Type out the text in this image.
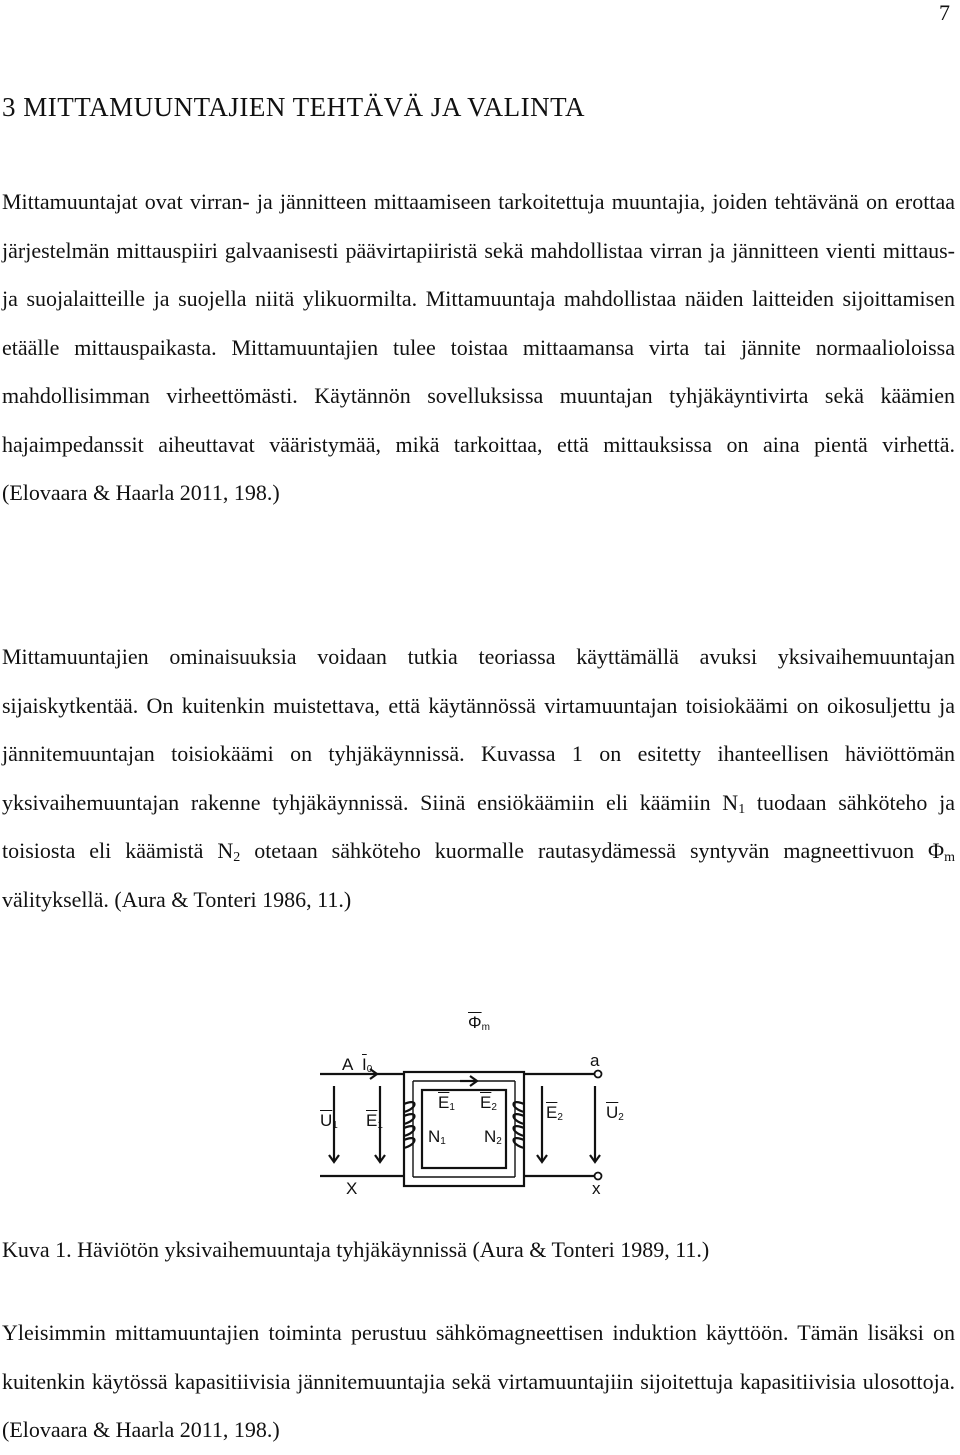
7
3 MITTAMUUNTAJIEN TEHTÄVÄ JA VALINTA

Mittamuuntajat ovat virran- ja jännitteen mittaamiseen tarkoitettuja muuntajia, joiden tehtävänä on erottaa järjestelmän mittauspiiri galvaanisesti päävirtapiiristä sekä mahdollistaa virran ja jännitteen vienti mittaus- ja suojalaitteille ja suojella niitä ylikuormilta. Mittamuuntaja mahdollistaa näiden laitteiden sijoittamisen etäälle mittauspaikasta. Mittamuuntajien tulee toistaa mittaamansa virta tai jännite normaalioloissa mahdollisimman virheettömästi. Käytännön sovelluksissa muuntajan tyhjäkäyntivirta sekä käämien hajaimpedanssit aiheuttavat vääristymää, mikä tarkoittaa, että mittauksissa on aina pientä virhettä. (Elovaara & Haarla 2011, 198.)

Mittamuuntajien ominaisuuksia voidaan tutkia teoriassa käyttämällä avuksi yksivaihemuuntajan sijaiskytkentää. On kuitenkin muistettava, että käytännössä virtamuuntajan toisiokäämi on oikosuljettu ja jännitemuuntajan toisiokäämi on tyhjäkäynnissä. Kuvassa 1 on esitetty ihanteellisen häviöttömän yksivaihemuuntajan rakenne tyhjäkäynnissä. Siinä ensiökäämiin eli käämiin $N_1$ tuodaan sähköteho ja toisiosta eli käämistä $N_2$ otetaan sähköteho kuormalle rautasydämessä syntyvän magneettivuon $\Phi_m$ välityksellä. (Aura & Tonteri 1986, 11.)

$\overline{\Phi}_m$
A $\overline{I}_0$	a
$\overline{U}_1$ $\overline{E}_1$
$\overline{E}_1$ $\overline{E}_2$
$N_1$ $N_2$
$\overline{E}_2$	$\overline{U}_2$
X	x

Kuva 1. Häviötön yksivaihemuuntaja tyhjäkäynnissä (Aura & Tonteri 1989, 11.)

Yleisimmin mittamuuntajien toiminta perustuu sähkömagneettisen induktion käyttöön. Tämän lisäksi on kuitenkin käytössä kapasitiivisia jännitemuuntajia sekä virtamuuntajiin sijoitettuja kapasitiivisia ulosottoja. (Elovaara & Haarla 2011, 198.)
